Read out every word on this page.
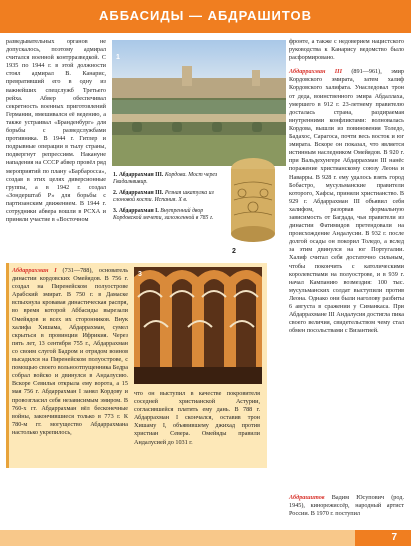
АББАСИДЫ — АБДРАШИТОВ

разведывательных органов не допускалось, поэтому адмирал считался военной контрразведкой. С 1935 по 1944 г. в этой должности стоял адмирал В. Канарис, превративший его в одну из важнейших спецслужб Третьего рейха. Абвер обеспечивал секретность военных приготовлений Германии, вмешивался её ведению, а также устраивал «Бранденбург» для борьбы с разведслужбами противника. В 1944 г. Гитлер и подрывные операции в тылу страны, подвергнут репрессиям. Накануне нападения на СССР абвер провёл ряд мероприятий по плану «Барбаросса», создав в этих целях диверсионные группы, а в 1942 г. создал «Зондерштаб Р» для борьбы с партизанским движением. В 1944 г. сотрудники абвера вошли в РСХА и приняли участие в «Восточном

1
2

1. Абдаррахман III. Кордова. Мост через Гвадалквивир.

2. Абдаррахман III. Резная шкатулка из слоновой кости. Испания. X в.

3. Абдаррахман I. Внутренний двор Кордовской мечети, заложенной в 785 г.

фронте, а также с недоверием нацистского руководства к Канарису ведомство было расформировано.

Абдаррахман III (891—961), эмир Кордовского эмирата, затем халиф Кордовского халифата. Унаследовал трон от деда, воинственного эмира Абдаллаха, умершего в 912 г. 23-летнему правителю досталась страна, раздираемая внутренними конфликтами: волновалась Кордова, вышли из повиновения Толедо, Бадахос, Сарагоса, почти весь восток и юг эмирата. Вскоре он показал, что является истинным наследником Омейядов. В 920 г. при Вальдехунгере Абдаррахман III нанёс поражение христианскому союзу Леона и Наварры. В 928 г. ему удалось взять город Бобастро, мусульманские правители которого, Хафсы, приняли христианство. В 929 г. Абдаррахман III объявил себя халифом, разорвав формальную зависимость от Багдада, чья правители из династии Фатимидов претендовали на происхождение Андалусии. В 932 г. после долгой осады он покорил Толедо, а вслед за этим двинулся на юг Португалии. Халиф считал себя достаточно сильным, чтобы покончить с католическими королевствами на полуострове, и в 939 г. начал Кампанию возмездия: 100 тыс. мусульманских солдат выступили против Леона. Однако они были наголову разбиты 6 августа в сражении у Симанкаса. При Абдаррахмане III Андалусия достигла пика своего величия, свидетельством чему стал обмен посольствами с Византией.

Абдаррахман I (731—788), основатель династии кордовских Омейядов. В 756 г. создал на Пиренейском полуострове Арабский эмират. В 750 г. в Дамаске вспыхнула кровавая династическая распря, во время которой Аббасиды вырезали Омейядов и всех их сторонников. Внук халифа Хишама, Абдаррахман, сумел скрыться в провинции Ифрикия. Через пять лет, 13 сентября 755 г., Абдаррахман со своим слугой Бадром и отрядом воинов высадился на Пиренейском полуострове, с помощью своего вольноотпущенника Бедра собрал войско и двинулся в Андалусию. Вскоре Севилья открыла ему ворота, а 15 мая 756 г. Абдаррахман I занял Кордову и провозгласил себя независимым эмиром. В 760-х гг. Абдаррахман вёл бесконечные войны, закончившиеся только в 773 г. К 780-м гг. могущество Абдаррахмана настолько укрепилось,

3

что он выступил в качестве покровителя соседней христианской Астурии, согласившейся платить ему дань. В 788 г. Абдаррахман I скончался, оставив трон Хишаму I, объявившему джихад против христиан Севера. Омейяды правили Андалусией до 1031 г.

Абдрашитов Вадим Юсупович (род. 1945), кинорежиссёр, народный артист России. В 1970 г. поступил

7
